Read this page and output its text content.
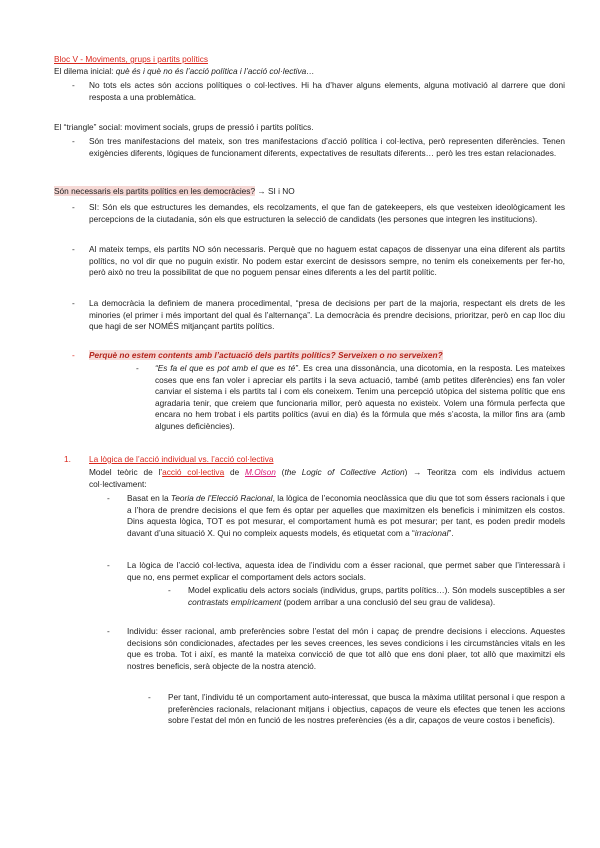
Bloc V - Moviments, grups i partits polítics
El dilema inicial: què és i què no és l’acció política i l’acció col·lectiva…
- No tots els actes són accions polítiques o col·lectives. Hi ha d’haver alguns elements, alguna motivació al darrere que doni resposta a una problemàtica.
El “triangle” social: moviment socials, grups de pressió i partits polítics.
- Són tres manifestacions del mateix, son tres manifestacions d’acció política i col·lectiva, però representen diferències. Tenen exigències diferents, lògiques de funcionament diferents, expectatives de resultats diferents… però les tres estan relacionades.
Són necessaris els partits polítics en les democràcies? → SI i NO
- SI: Són els que estructures les demandes, els recolzaments, el que fan de gatekeepers, els que vesteixen ideològicament les percepcions de la ciutadania, són els que estructuren la selecció de candidats (les persones que integren les institucions).
- Al mateix temps, els partits NO són necessaris. Perquè que no haguem estat capaços de dissenyar una eina diferent als partits polítics, no vol dir que no puguin existir. No podem estar exercint de desissors sempre, no tenim els coneixements per fer-ho, però això no treu la possibilitat de que no poguem pensar eines diferents a les del partit polític.
- La democràcia la definiem de manera procedimental, “presa de decisions per part de la majoria, respectant els drets de les minories (el primer i més important del qual és l’alternança”. La democràcia és prendre decisions, prioritzar, però en cap lloc diu que hagi de ser NOMÉS mitjançant partits polítics.
- Perquè no estem contents amb l’actuació dels partits polítics? Serveixen o no serveixen?
- “Es fa el que es pot amb el que es té”. Es crea una dissonància, una dicotomia, en la resposta. Les mateixes coses que ens fan voler i apreciar els partits i la seva actuació, també (amb petites diferències) ens fan voler canviar el sistema i els partits tal i com els coneixem. Tenim una percepció utòpica del sistema polític que ens agradaria tenir, que creiem que funcionaria millor, però aquesta no existeix. Volem una fórmula perfecta que encara no hem trobat i els partits polítics (avui en dia) és la fórmula que més s’acosta, la millor fins ara (amb algunes deficiències).
1.	La lògica de l’acció individual vs. l’acció col·lectiva
Model teòric de l’acció col·lectiva de M.Olson (the Logic of Collective Action) → Teoritza com els individus actuem col·lectivament:
- Basat en la Teoria de l’Elecció Racional, la lògica de l’economia neoclàssica que diu que tot som éssers racionals i que a l’hora de prendre decisions el que fem és optar per aquelles que maximitzen els beneficis i minimitzen els costos. Dins aquesta lògica, TOT es pot mesurar, el comportament humà es pot mesurar; per tant, es poden predir models davant d’una situació X. Qui no compleix aquests models, és etiquetat com a “irracional”.
- La lògica de l’acció col·lectiva, aquesta idea de l’individu com a ésser racional, que permet saber que l’interessarà i que no, ens permet explicar el comportament dels actors socials.
- Model explicatiu dels actors socials (individus, grups, partits polítics…). Són models susceptibles a ser contrastats empíricament (podem arribar a una conclusió del seu grau de validesa).
- Individu: ésser racional, amb preferències sobre l’estat del món i capaç de prendre decisions i eleccions. Aquestes decisions són condicionades, afectades per les seves creences, les seves condicions i les circumstàncies vitals en les que es troba. Tot i així, es manté la mateixa convicció de que tot allò que ens doni plaer, tot allò que maximitzi els nostres beneficis, serà objecte de la nostra atenció.
- Per tant, l’individu té un comportament auto-interessat, que busca la màxima utilitat personal i que respon a preferències racionals, relacionant mitjans i objectius, capaços de veure els efectes que tenen les accions sobre l’estat del món en funció de les nostres preferències (és a dir, capaços de veure costos i beneficis).
